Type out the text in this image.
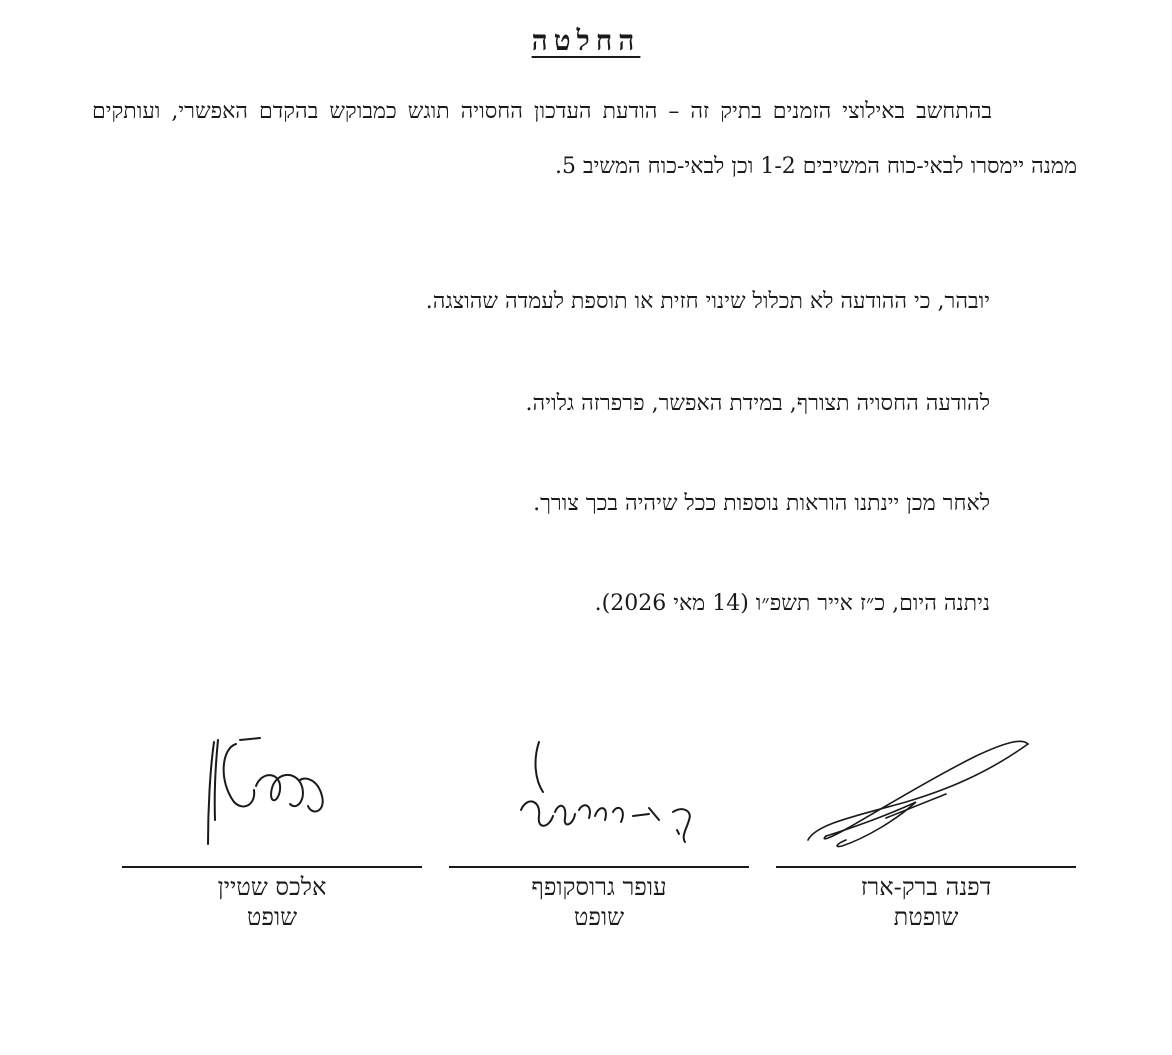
החלטה
בהתחשב באילוצי הזמנים בתיק זה – הודעת העדכון החסויה תוגש כמבוקש בהקדם האפשרי, ועותקים ממנה יימסרו לבאי-כוח המשיבים 1-2 וכן לבאי-כוח המשיב 5.
יובהר, כי ההודעה לא תכלול שינוי חזית או תוספת לעמדה שהוצגה.
להודעה החסויה תצורף, במידת האפשר, פרפרזה גלויה.
לאחר מכן יינתנו הוראות נוספות ככל שיהיה בכך צורך.
ניתנה היום, כ״ז אייר תשפ״ו (14 מאי 2026).
אלכס שטיין
שופט
עופר גרוסקופף
שופט
דפנה ברק-ארז
שופטת
